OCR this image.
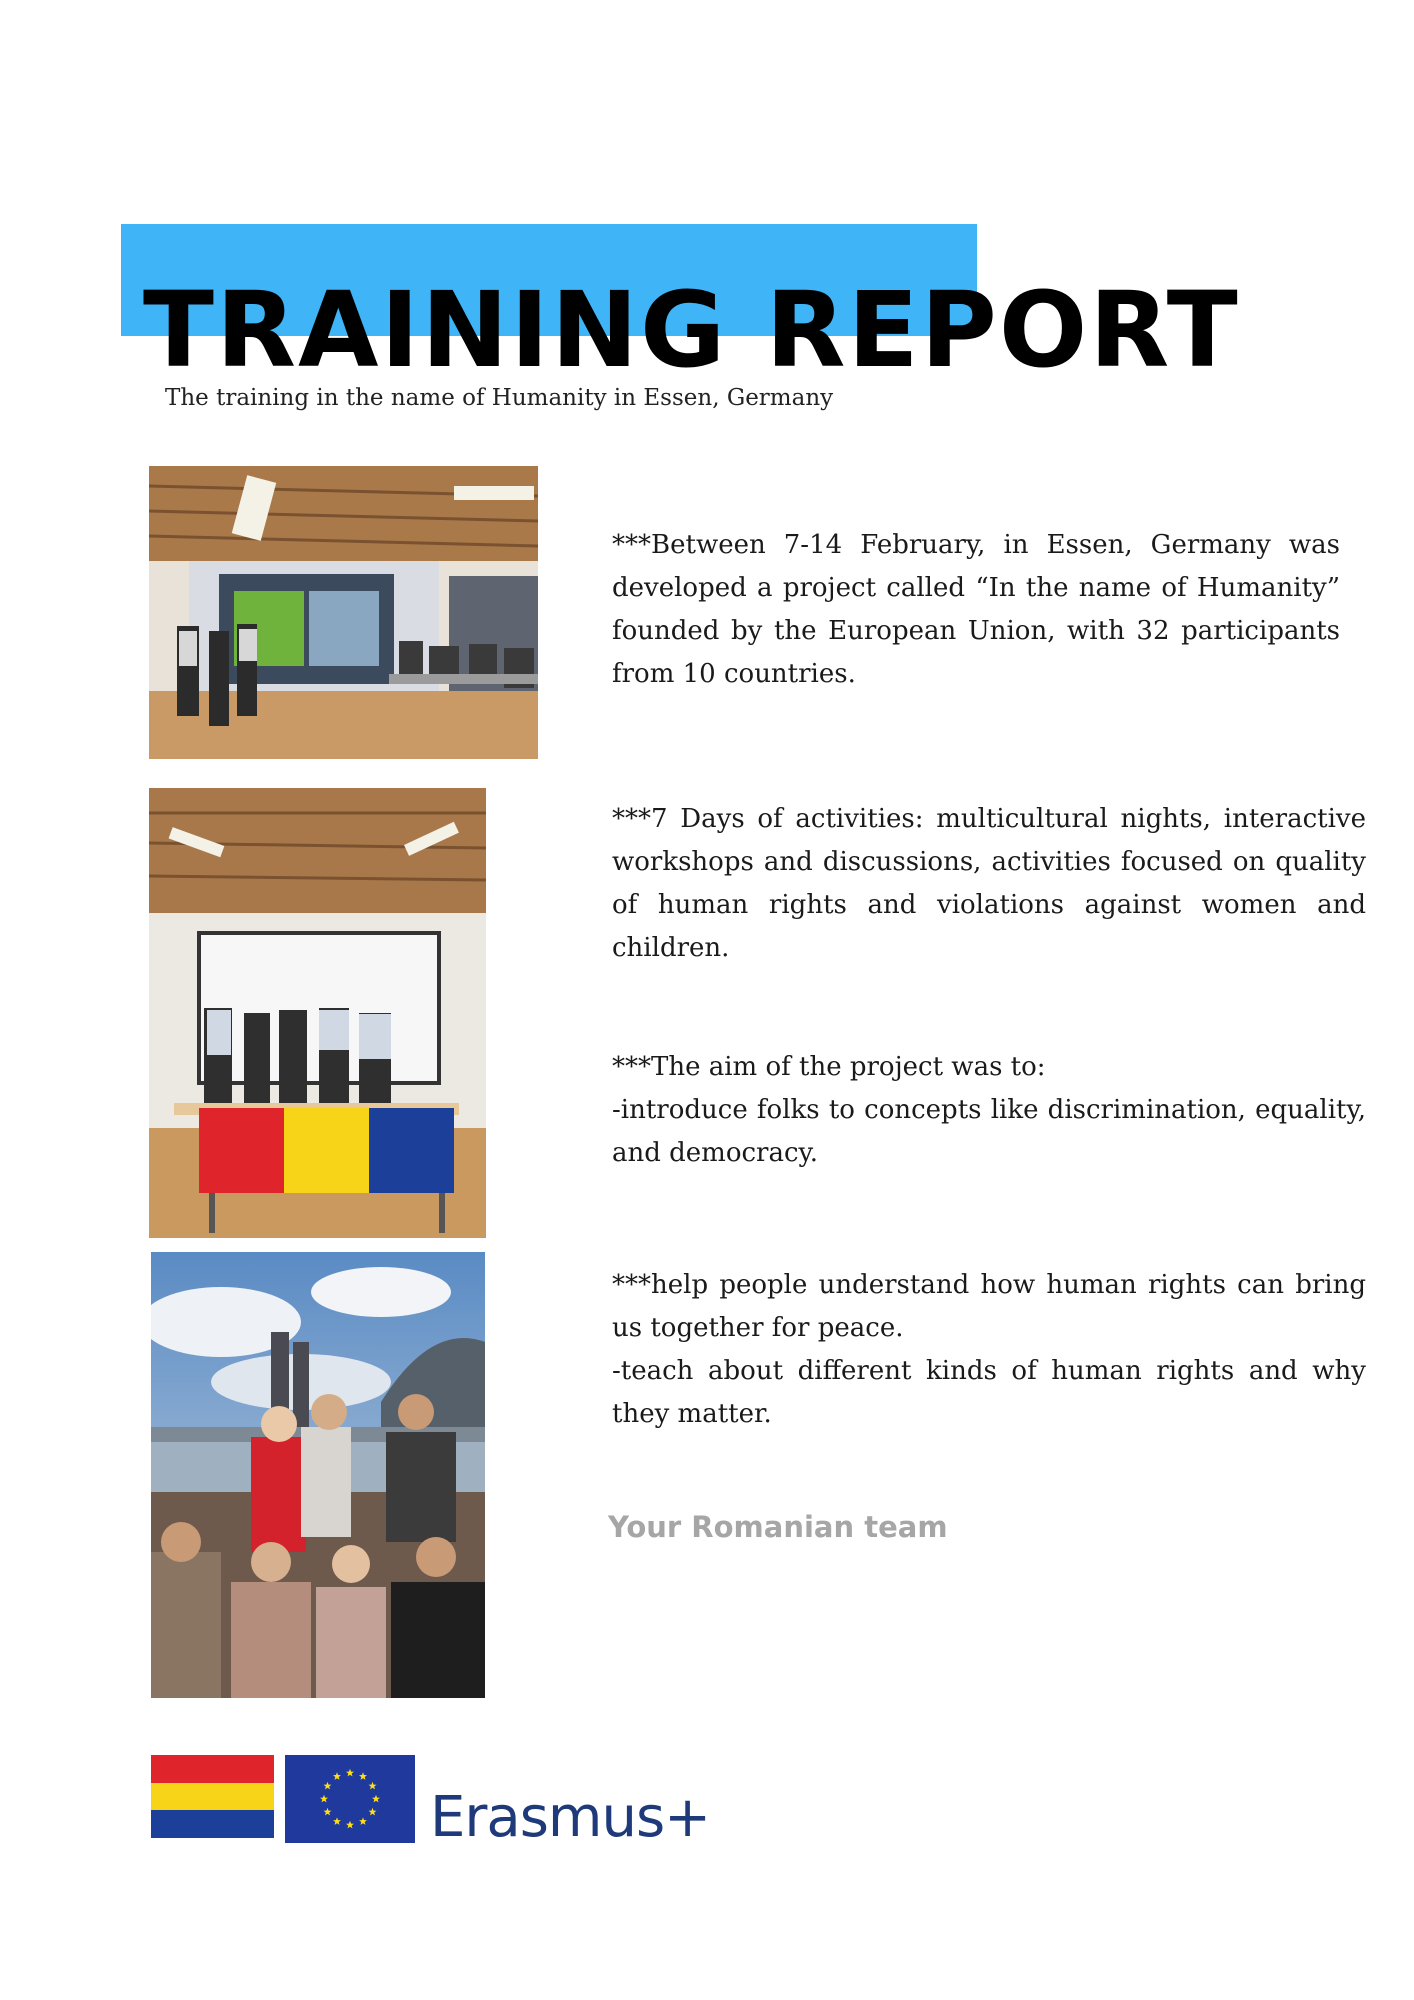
TRAINING REPORT

The training in the name of Humanity in Essen, Germany

***Between 7-14 February, in Essen, Germany was developed a project called “In the name of Humanity” founded by the European Union, with 32 participants from 10 countries.

***7 Days of activities: multicultural nights, interactive workshops and discussions, activities focused on quality of human rights and violations against women and children.

***The aim of the project was to:

-introduce folks to concepts like discrimination, equality, and democracy.

***help people understand how human rights can bring us together for peace.

-teach about different kinds of human rights and why they matter.

Your Romanian team

Erasmus+
